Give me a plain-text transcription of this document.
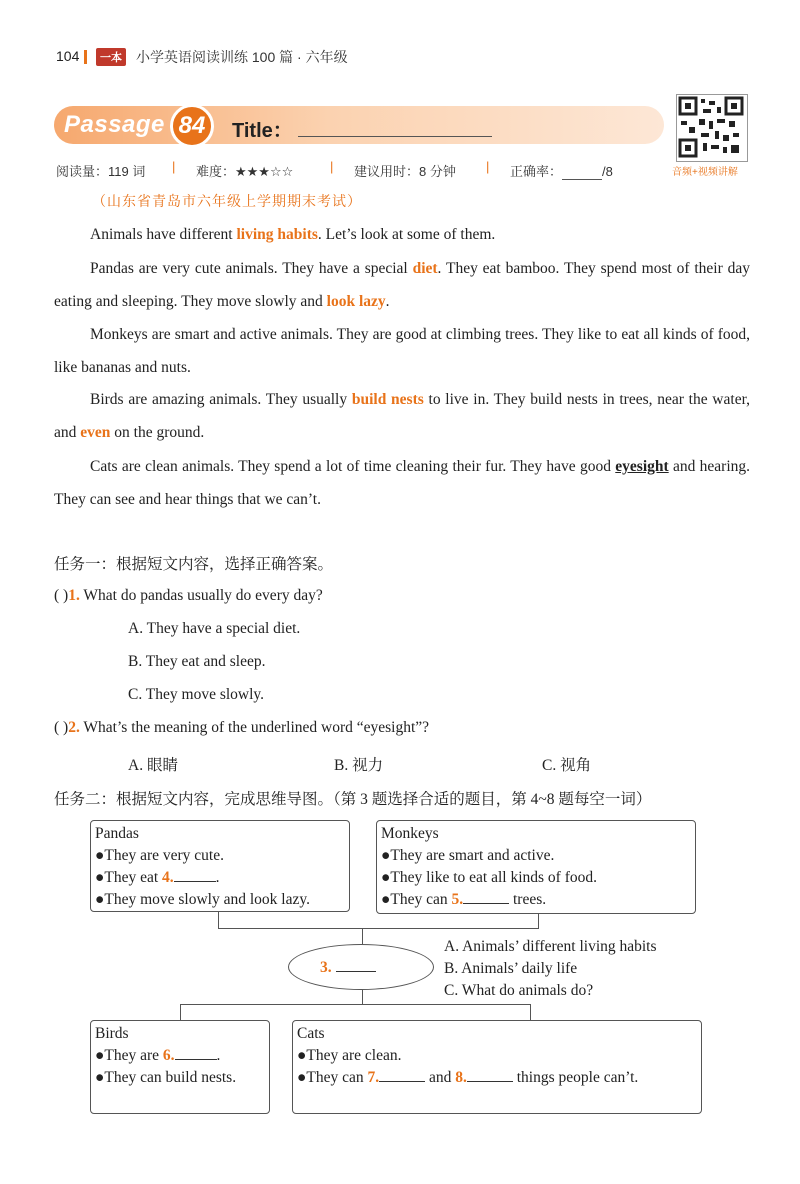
104	一本 小学英语阅读训练 100 篇 · 六年级
Passage 84	Title：
音频+视频讲解
阅读量：119 词 | 难度：★★★☆☆	| 建议用时：8 分钟 | 正确率：	/8
（山东省青岛市六年级上学期期末考试）

Animals have different living habits. Let’s look at some of them.

Pandas are very cute animals. They have a special diet. They eat bamboo. They spend most of their day eating and sleeping. They move slowly and look lazy.

Monkeys are smart and active animals. They are good at climbing trees. They like to eat all kinds of food, like bananas and nuts.

Birds are amazing animals. They usually build nests to live in. They build nests in trees, near the water, and even on the ground.

Cats are clean animals. They spend a lot of time cleaning their fur. They have good eyesight and hearing. They can see and hear things that we can’t.

任务一：根据短文内容，选择正确答案。
( )1. What do pandas usually do every day?
A. They have a special diet.
B. They eat and sleep.
C. They move slowly.
( )2. What’s the meaning of the underlined word “eyesight”?
A. 眼睛	B. 视力	C. 视角
任务二：根据短文内容，完成思维导图。（第 3 题选择合适的题目，第 4~8 题每空一词）
Pandas
●They are very cute.
●They eat 4.	.
●They move slowly and look lazy.
Monkeys
●They are smart and active.
●They like to eat all kinds of food.
●They can 5.	trees.
3.
A. Animals’ different living habits
B. Animals’ daily life
C. What do animals do?
Birds
●They are 6.	.
●They can build nests.
Cats
●They are clean.
●They can 7.	and 8.	things people can’t.
